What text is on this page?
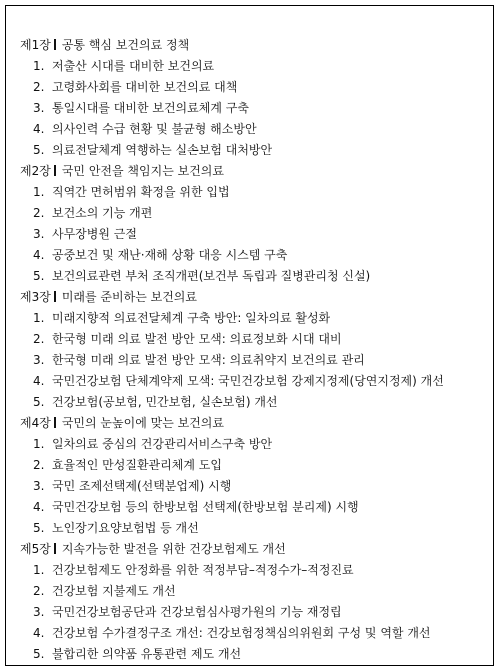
제1장 공통 핵심 보건의료 정책
1. 저출산 시대를 대비한 보건의료
2. 고령화사회를 대비한 보건의료 대책
3. 통일시대를 대비한 보건의료체계 구축
4. 의사인력 수급 현황 및 불균형 해소방안
5. 의료전달체계 역행하는 실손보험 대처방안
제2장 국민 안전을 책임지는 보건의료
1. 직역간 면허범위 확정을 위한 입법
2. 보건소의 기능 개편
3. 사무장병원 근절
4. 공중보건 및 재난·재해 상황 대응 시스템 구축
5. 보건의료관련 부처 조직개편(보건부 독립과 질병관리청 신설)
제3장 미래를 준비하는 보건의료
1. 미래지향적 의료전달체계 구축 방안: 일차의료 활성화
2. 한국형 미래 의료 발전 방안 모색: 의료정보화 시대 대비
3. 한국형 미래 의료 발전 방안 모색: 의료취약지 보건의료 관리
4. 국민건강보험 단체계약제 모색: 국민건강보험 강제지정제(당연지정제) 개선
5. 건강보험(공보험, 민간보험, 실손보험) 개선
제4장 국민의 눈높이에 맞는 보건의료
1. 일차의료 중심의 건강관리서비스구축 방안
2. 효율적인 만성질환관리체계 도입
3. 국민 조제선택제(선택분업제) 시행
4. 국민건강보험 등의 한방보험 선택제(한방보험 분리제) 시행
5. 노인장기요양보험법 등 개선
제5장 지속가능한 발전을 위한 건강보험제도 개선
1. 건강보험제도 안정화를 위한 적정부담–적정수가–적정진료
2. 건강보험 지불제도 개선
3. 국민건강보험공단과 건강보험심사평가원의 기능 재정립
4. 건강보험 수가결정구조 개선: 건강보험정책심의위원회 구성 및 역할 개선
5. 불합리한 의약품 유통관련 제도 개선
